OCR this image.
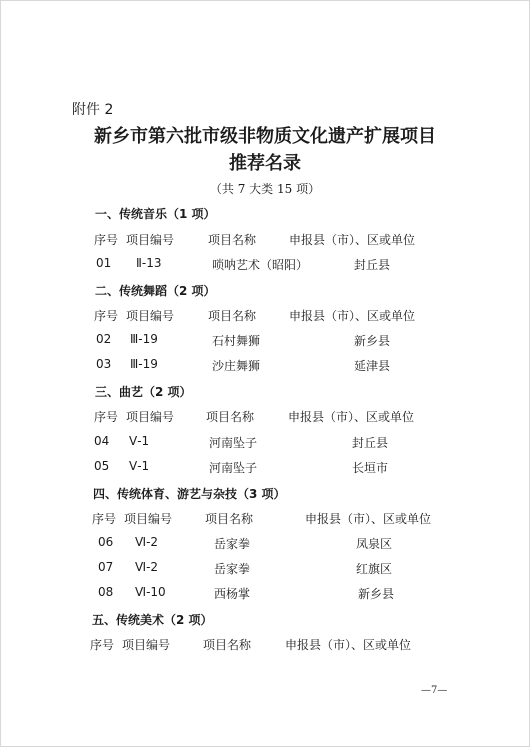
附件 2
新乡市第六批市级非物质文化遗产扩展项目
推荐名录
（共 7 大类 15 项）
一、传统音乐（1 项）
序号 项目编号	项目名称	申报县（市）、区或单位
01 Ⅱ-13	唢呐艺术（昭阳）	封丘县
二、传统舞蹈（2 项）
序号 项目编号	项目名称	申报县（市）、区或单位
02 Ⅲ-19	石村舞狮	新乡县
03 Ⅲ-19	沙庄舞狮	延津县
三、曲艺（2 项）
序号 项目编号	项目名称	申报县（市）、区或单位
04 Ⅴ-1	河南坠子	封丘县
05 Ⅴ-1	河南坠子	长垣市
四、传统体育、游艺与杂技（3 项）
序号 项目编号	项目名称	申报县（市）、区或单位
06 Ⅵ-2	岳家拳	凤泉区
07 Ⅵ-2	岳家拳	红旗区
08 Ⅵ-10	西杨掌	新乡县
五、传统美术（2 项）
序号 项目编号	项目名称	申报县（市）、区或单位
—7—
